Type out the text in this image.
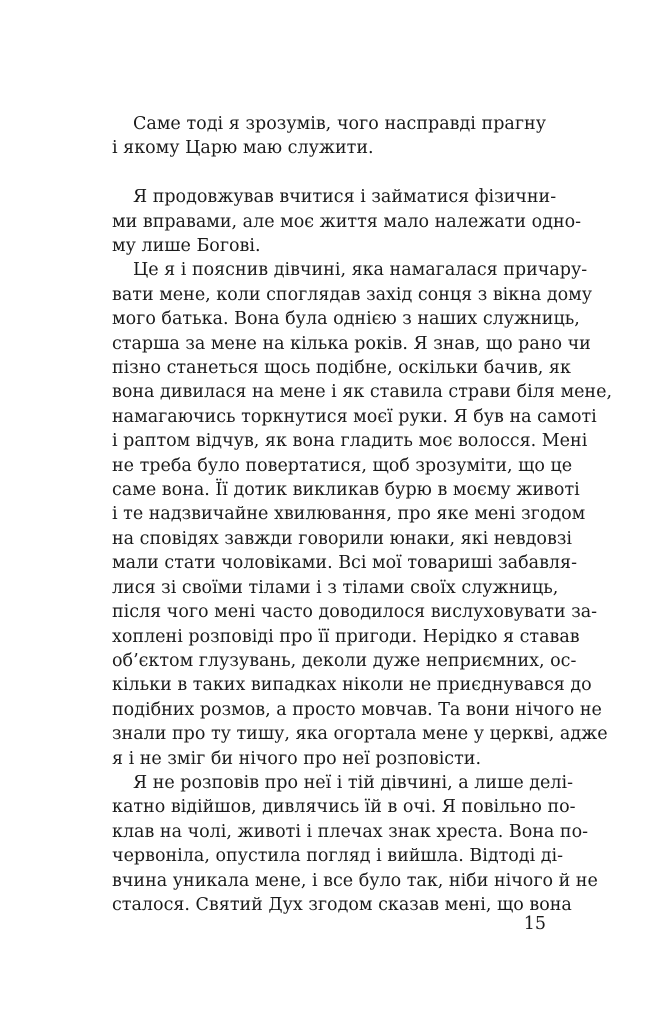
Саме тоді я зрозумів, чого насправді прагну
і якому Царю маю служити.

Я продовжував вчитися і займатися фізични-
ми вправами, але моє життя мало належати одно-
му лише Богові.

Це я і пояснив дівчині, яка намагалася причару-
вати мене, коли споглядав захід сонця з вікна дому
мого батька. Вона була однією з наших служниць,
старша за мене на кілька років. Я знав, що рано чи
пізно станеться щось подібне, оскільки бачив, як
вона дивилася на мене і як ставила страви біля мене,
намагаючись торкнутися моєї руки. Я був на самоті
і раптом відчув, як вона гладить моє волосся. Мені
не треба було повертатися, щоб зрозуміти, що це
саме вона. Її дотик викликав бурю в моєму животі
і те надзвичайне хвилювання, про яке мені згодом
на сповідях завжди говорили юнаки, які невдовзі
мали стати чоловіками. Всі мої товариші забавля-
лися зі своїми тілами і з тілами своїх служниць,
після чого мені часто доводилося вислуховувати за-
хоплені розповіді про її пригоди. Нерідко я ставав
об’єктом глузувань, деколи дуже неприємних, ос-
кільки в таких випадках ніколи не приєднувався до
подібних розмов, а просто мовчав. Та вони нічого не
знали про ту тишу, яка огортала мене у церкві, адже
я і не зміг би нічого про неї розповісти.

Я не розповів про неї і тій дівчині, а лише делі-
катно відійшов, дивлячись їй в очі. Я повільно по-
клав на чолі, животі і плечах знак хреста. Вона по-
червоніла, опустила погляд і вийшла. Відтоді ді-
вчина уникала мене, і все було так, ніби нічого й не
сталося. Святий Дух згодом сказав мені, що вона

15
